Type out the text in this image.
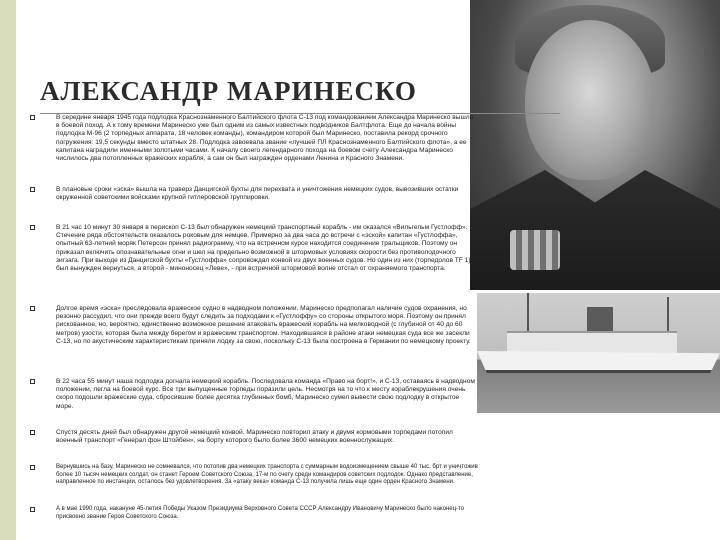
АЛЕКСАНДР МАРИНЕСКО
В середине января 1945 года подлодка Краснознаменного Балтийского флота С-13 под командованием Александра Маринеско вышла в боевой поход. А к тому времени Маринеско уже был одним из самых известных подводников Балтфлота. Еще до начала войны подлодка М-96 (2 торпедных аппарата, 18 человек команды), командиром которой был Маринеско, поставила рекорд срочного погружения: 19,5 секунды вместо штатных 28. Подлодка завоевала звание «лучшей ПЛ Краснознаменного Балтийского флота», а ее капитана наградили именными золотыми часами. К началу своего легендарного похода на боевом счету Александра Маринеско числилось два потопленных вражеских корабля, а сам он был награжден орденами Ленина и Красного Знамени.
В плановые сроки «эска» вышла на траверз Данцигской бухты для перехвата и уничтожения немецких судов, вывозивших остатки окруженной советскими войсками крупной гитлеровской группировки.
В 21 час 10 минут 30 января в перископ С-13 был обнаружен немецкий транспортный корабль - им оказался «Вильгельм Густлофф». Стечение ряда обстоятельств оказалось роковым для немцев. Примерно за два часа до встречи с «эской» капитан «Густлоффа», опытный 63-летний моряк Петерсон принял радиограмму, что на встречном курсе находится соединение тральщиков. Поэтому он приказал включить опознавательные огни и шел на предельно возможной в штормовых условиях скорости без противолодочного зигзага. При выходе из Данцигской бухты «Густлоффа» сопровождал конвой из двух военных судов. Но один из них (торпедолов ТF 1) был вынужден вернуться, а второй - миноносец «Леве», - при встречной штормовой волне отстал от охраняемого транспорта.
Долгое время «эска» преследовала вражеское судно в надводном положении. Маринеско предполагал наличие судов охранения, но резонно рассудил, что они прежде всего будут следить за подходами к «Густлоффу» со стороны открытого моря. Поэтому он принял рискованное, но, вероятно, единственно возможное решение атаковать вражеский корабль на мелководной (с глубиной от 40 до 60 метров) узости, которая была между берегом и вражеским транспортом. Находившаяся в районе атаки немецкая суда все же засекли С-13, но по акустическим характеристикам приняли лодку за свою, поскольку С-13 была построена в Германии по немецкому проекту.
В 22 часа 55 минут наша подлодка догнала немецкий корабль. Последовала команда «Право на борт!», и С-13, оставаясь в надводном положении, легла на боевой курс. Все три выпущенные торпеды поразили цель. Несмотря на то что к месту кораблекрушения очень скоро подошли вражеские суда, сбросившие более десятка глубинных бомб, Маринеско сумел вывести свою подлодку в открытое море.
Спустя десять дней был обнаружен другой немецкий конвой. Маринеско повторил атаку и двумя кормовыми торпедами потопил военный транспорт «Генерал фон Штойбен», на борту которого было более 3600 немецких военнослужащих.
Вернувшись на базу, Маринеско не сомневался, что потопив два немецких транспорта с суммарным водоизмещением свыше 40 тыс. брт и уничтожив более 10 тысяч немецких солдат, он станет Героем Советского Союза, 17-м по счету среди командиров советских подлодок. Однако представление, направленное по инстанции, осталось без удовлетворения. За «атаку века» команда С-13 получила лишь еще один орден Красного Знамени.
А в мае 1990 года, накануне 45-летия Победы Указом Президиума Верховного Совета СССР Александру Ивановичу Маринеско было наконец-то присвоено звание Героя Советского Союза.
